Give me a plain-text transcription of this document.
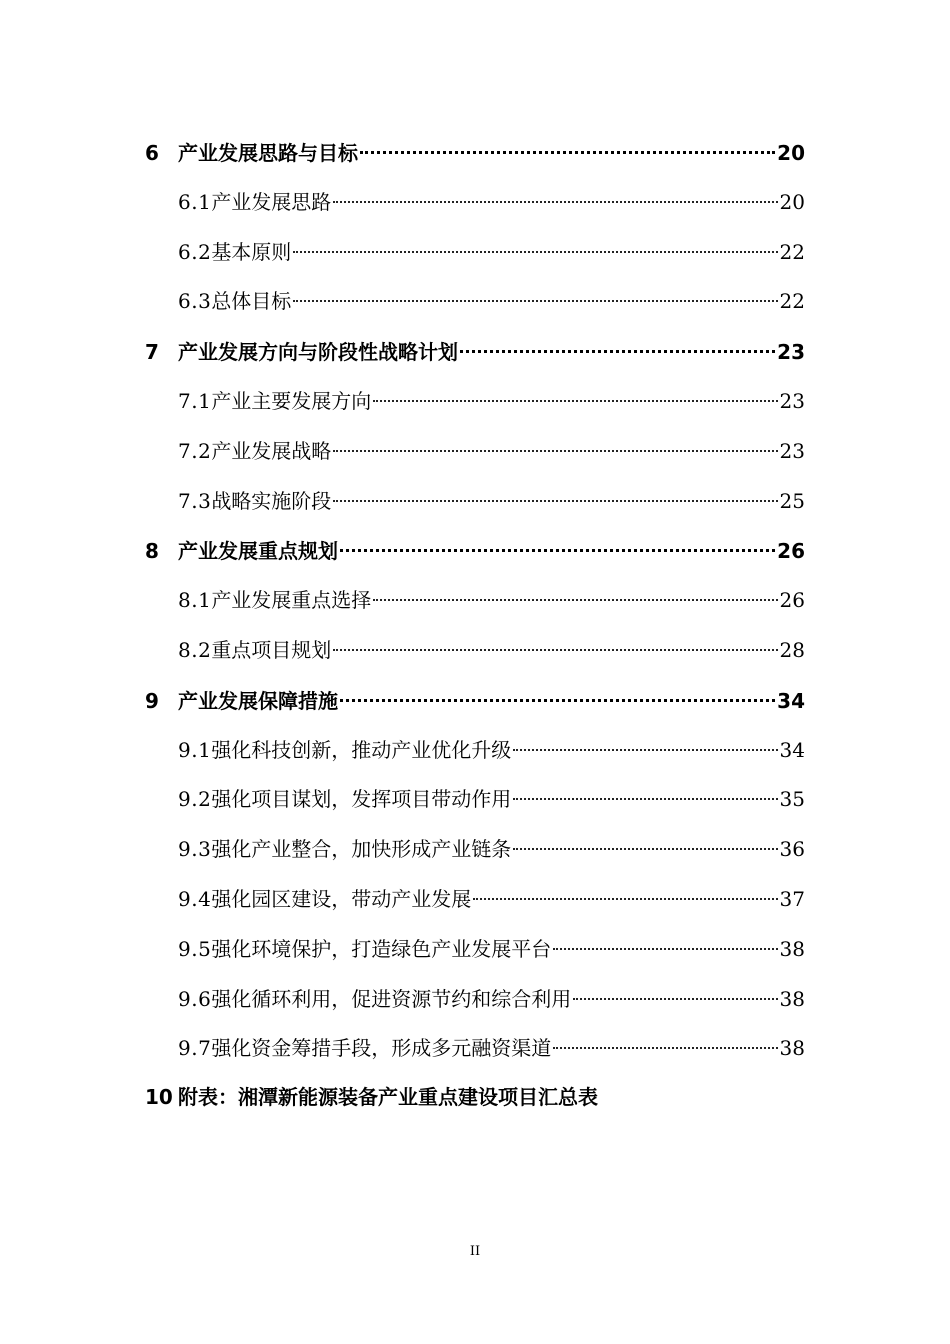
6 产业发展思路与目标	20
6.1 产业发展思路	20
6.2 基本原则	22
6.3 总体目标	22
7 产业发展方向与阶段性战略计划	23
7.1 产业主要发展方向	23
7.2 产业发展战略	23
7.3 战略实施阶段	25
8 产业发展重点规划	26
8.1 产业发展重点选择	26
8.2 重点项目规划	28
9 产业发展保障措施	34
9.1 强化科技创新，推动产业优化升级	34
9.2 强化项目谋划，发挥项目带动作用	35
9.3 强化产业整合，加快形成产业链条	36
9.4 强化园区建设，带动产业发展	37
9.5 强化环境保护，打造绿色产业发展平台	38
9.6 强化循环利用，促进资源节约和综合利用	38
9.7 强化资金筹措手段，形成多元融资渠道	38
10 附表：湘潭新能源装备产业重点建设项目汇总表
II
